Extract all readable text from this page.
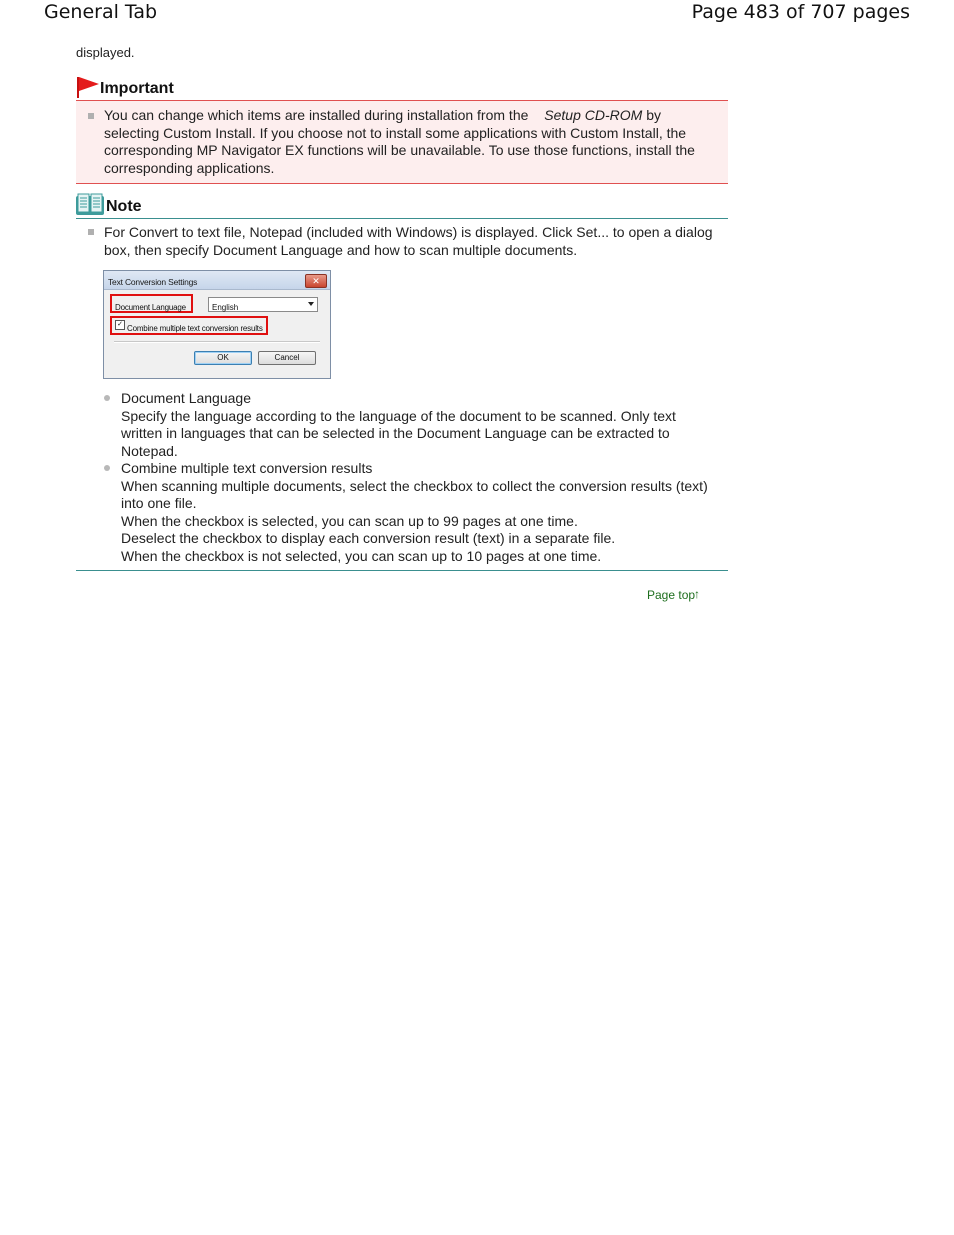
General Tab	Page 483 of 707 pages
displayed.
Important
You can change which items are installed during installation from the Setup CD-ROM by
selecting Custom Install. If you choose not to install some applications with Custom Install, the
corresponding MP Navigator EX functions will be unavailable. To use those functions, install the
corresponding applications.
Note
For Convert to text file, Notepad (included with Windows) is displayed. Click Set... to open a dialog
box, then specify Document Language and how to scan multiple documents.
Text Conversion Settings	✕
Document Language	English
✓ Combine multiple text conversion results
OK	Cancel
Document Language
Specify the language according to the language of the document to be scanned. Only text
written in languages that can be selected in the Document Language can be extracted to
Notepad.
Combine multiple text conversion results
When scanning multiple documents, select the checkbox to collect the conversion results (text)
into one file.
When the checkbox is selected, you can scan up to 99 pages at one time.
Deselect the checkbox to display each conversion result (text) in a separate file.
When the checkbox is not selected, you can scan up to 10 pages at one time.
Page top
↑
